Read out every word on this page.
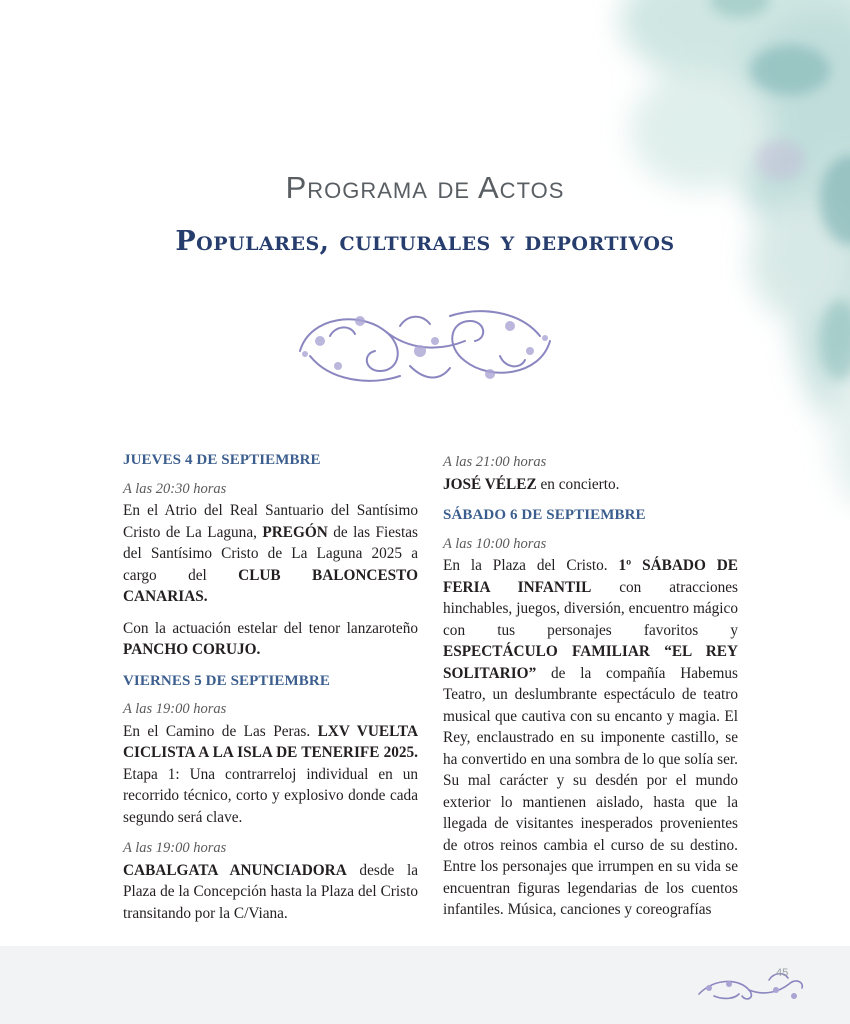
Programa de Actos
Populares, culturales y deportivos
JUEVES 4 DE SEPTIEMBRE
A las 20:30 horas

En el Atrio del Real Santuario del Santísimo Cristo de La Laguna, PREGÓN de las Fiestas del Santísimo Cristo de La Laguna 2025 a cargo del CLUB BALONCESTO CANARIAS.

Con la actuación estelar del tenor lanzaroteño PANCHO CORUJO.

VIERNES 5 DE SEPTIEMBRE
A las 19:00 horas

En el Camino de Las Peras. LXV VUELTA CICLISTA A LA ISLA DE TENERIFE 2025. Etapa 1: Una contrarreloj individual en un recorrido técnico, corto y explosivo donde cada segundo será clave.

A las 19:00 horas

CABALGATA ANUNCIADORA desde la Plaza de la Concepción hasta la Plaza del Cristo transitando por la C/Viana.

A las 21:00 horas

JOSÉ VÉLEZ en concierto.

SÁBADO 6 DE SEPTIEMBRE
A las 10:00 horas

En la Plaza del Cristo. 1º SÁBADO DE FERIA INFANTIL con atracciones hinchables, juegos, diversión, encuentro mágico con tus personajes favoritos y ESPECTÁCULO FAMILIAR “EL REY SOLITARIO” de la compañía Habemus Teatro, un deslumbrante espectáculo de teatro musical que cautiva con su encanto y magia. El Rey, enclaustrado en su imponente castillo, se ha convertido en una sombra de lo que solía ser. Su mal carácter y su desdén por el mundo exterior lo mantienen aislado, hasta que la llegada de visitantes inesperados provenientes de otros reinos cambia el curso de su destino. Entre los personajes que irrumpen en su vida se encuentran figuras legendarias de los cuentos infantiles. Música, canciones y coreografías

45
